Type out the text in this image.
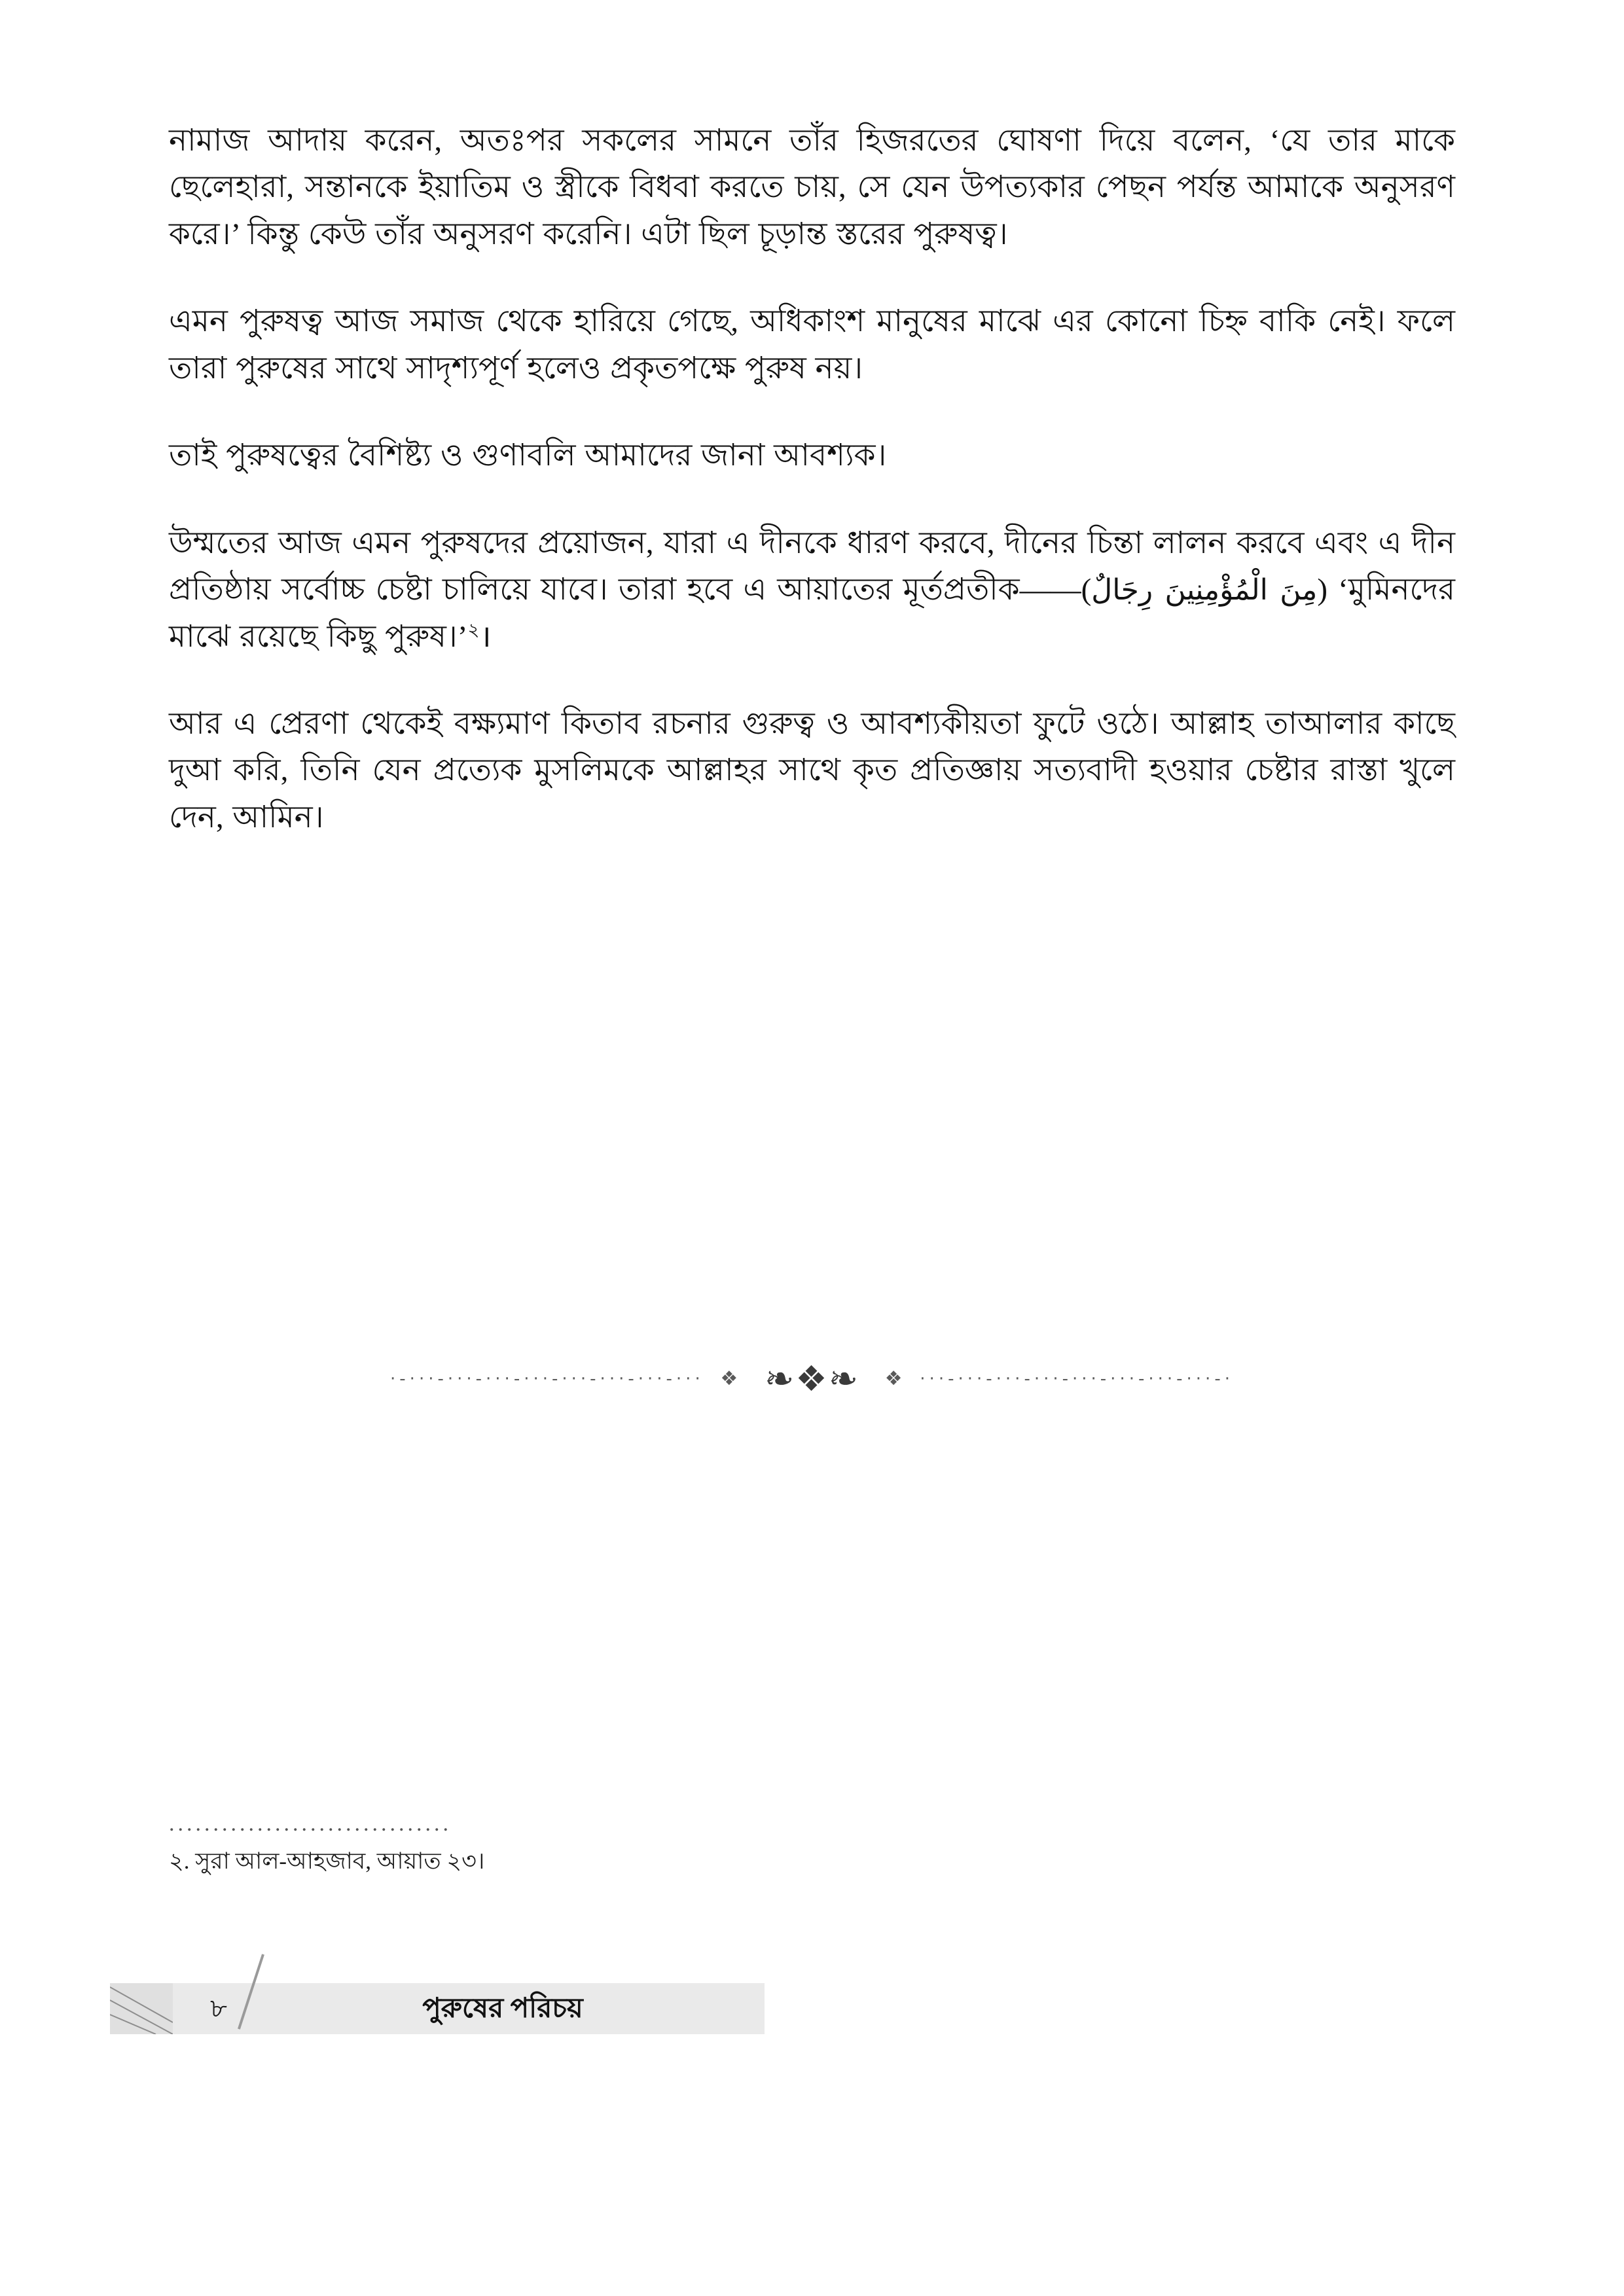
নামাজ আদায় করেন, অতঃপর সকলের সামনে তাঁর হিজরতের ঘোষণা দিয়ে বলেন, ‘যে তার মাকে ছেলেহারা, সন্তানকে ইয়াতিম ও স্ত্রীকে বিধবা করতে চায়, সে যেন উপত্যকার পেছন পর্যন্ত আমাকে অনুসরণ করে।’ কিন্তু কেউ তাঁর অনুসরণ করেনি। এটা ছিল চূড়ান্ত স্তরের পুরুষত্ব।

এমন পুরুষত্ব আজ সমাজ থেকে হারিয়ে গেছে, অধিকাংশ মানুষের মাঝে এর কোনো চিহ্ন বাকি নেই। ফলে তারা পুরুষের সাথে সাদৃশ্যপূর্ণ হলেও প্রকৃতপক্ষে পুরুষ নয়।

তাই পুরুষত্বের বৈশিষ্ট্য ও গুণাবলি আমাদের জানা আবশ্যক।

উম্মতের আজ এমন পুরুষদের প্রয়োজন, যারা এ দীনকে ধারণ করবে, দীনের চিন্তা লালন করবে এবং এ দীন প্রতিষ্ঠায় সর্বোচ্চ চেষ্টা চালিয়ে যাবে। তারা হবে এ আয়াতের মূর্তপ্রতীক——(مِنَ الْمُؤْمِنِينَ رِجَالٌ) ‘মুমিনদের মাঝে রয়েছে কিছু পুরুষ।’$^২$।

আর এ প্রেরণা থেকেই বক্ষ্যমাণ কিতাব রচনার গুরুত্ব ও আবশ্যকীয়তা ফুটে ওঠে। আল্লাহ তাআলার কাছে দুআ করি, তিনি যেন প্রত্যেক মুসলিমকে আল্লাহর সাথে কৃত প্রতিজ্ঞায় সত্যবাদী হওয়ার চেষ্টার রাস্তা খুলে দেন, আমিন।

·-···-···-···-···-···-···-···-··· ❖ ❧❖❧ ❖ ···-···-···-···-···-···-···-···-·
................................
২. সুরা আল-আহজাব, আয়াত ২৩।
৮	পুরুষের পরিচয়
